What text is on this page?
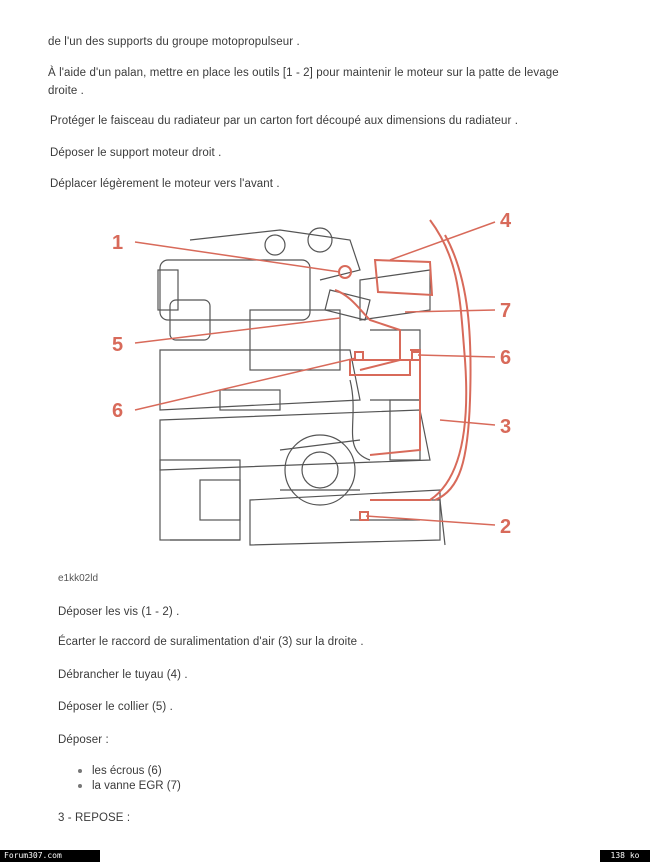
de l'un des supports du groupe motopropulseur .
À l'aide d'un palan, mettre en place les outils [1 - 2] pour maintenir le moteur sur la patte de levage
droite .
Protéger le faisceau du radiateur par un carton fort découpé aux dimensions du radiateur .
Déposer le support moteur droit .
Déplacer légèrement le moteur vers l'avant .
1
4
7
5
6
6
3
2
e1kk02ld
Déposer les vis (1 - 2) .
Écarter le raccord de suralimentation d'air (3) sur la droite .
Débrancher le tuyau (4) .
Déposer le collier (5) .
Déposer :
les écrous (6)
la vanne EGR (7)
3 - REPOSE :
Forum307.com	138 ko
